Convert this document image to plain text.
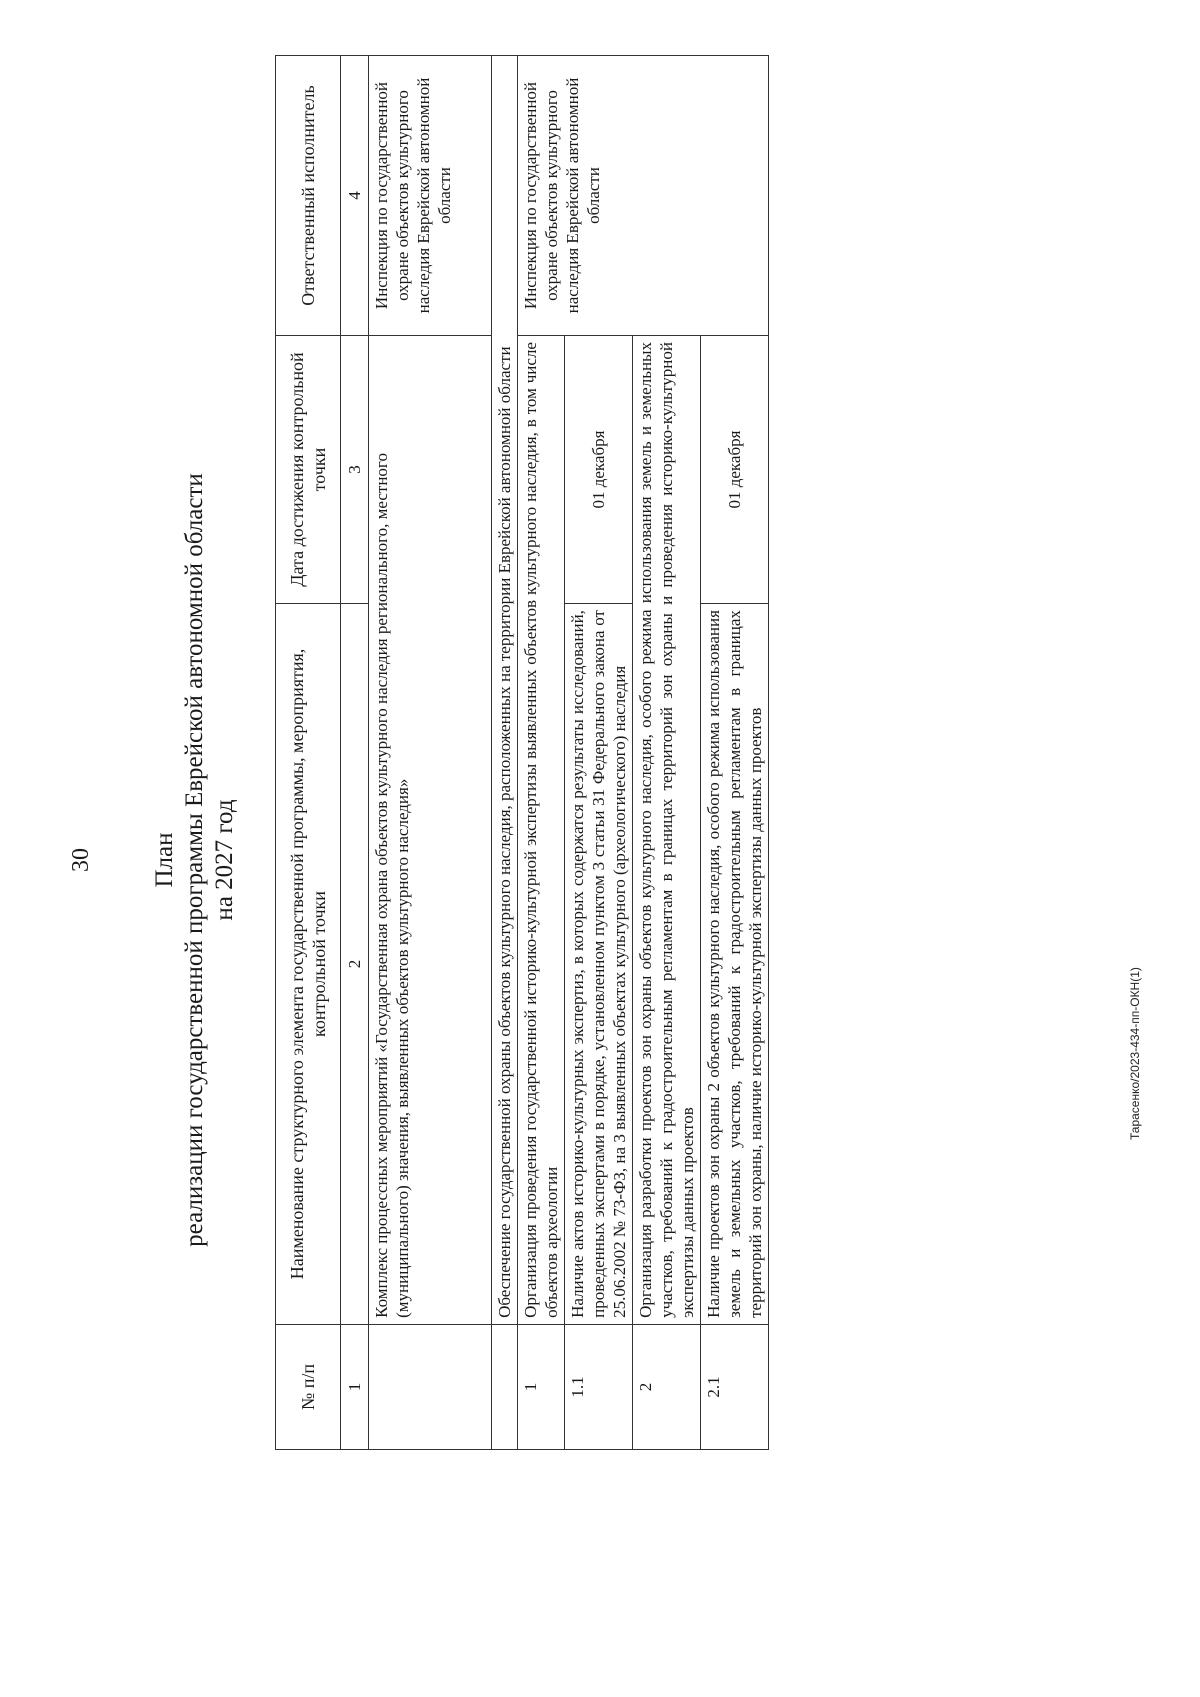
30 План реализации государственной программы Еврейской автономной области на 2027 год
№ п/п	Наименование структурного элемента государственной программы, мероприятия, контрольной точки	Дата достижения контрольной точки	Ответственный исполнитель
1	2	3	4
	Комплекс процессных мероприятий «Государственная охрана объектов культурного наследия регионального, местного (муниципального) значения, выявленных объектов культурного наследия»		Инспекция по государственной охране объектов культурного наследия Еврейской автономной области
	Обеспечение государственной охраны объектов культурного наследия, расположенных на территории Еврейской автономной области		
1	Организация проведения государственной историко-культурной экспертизы выявленных объектов культурного наследия, в том числе объектов археологии		Инспекция по государственной охране объектов культурного наследия Еврейской автономной области
1.1	Наличие актов историко-культурных экспертиз, в которых содержатся результаты исследований, проведенных экспертами в порядке, установленном пунктом 3 статьи 31 Федерального закона от 25.06.2002 № 73-ФЗ, на 3 выявленных объектах культурного (археологического) наследия	01 декабря	
2	Организация разработки проектов зон охраны объектов культурного наследия, особого режима использования земель и земельных участков, требований к градостроительным регламентам в границах территорий зон охраны и проведения историко-культурной экспертизы данных проектов		
2.1	Наличие проектов зон охраны 2 объектов культурного наследия, особого режима использования земель и земельных участков, требований к градостроительным регламентам в границах территорий зон охраны, наличие историко-культурной экспертизы данных проектов	01 декабря	
Тарасенко/2023-434-пп-ОКН(1)
